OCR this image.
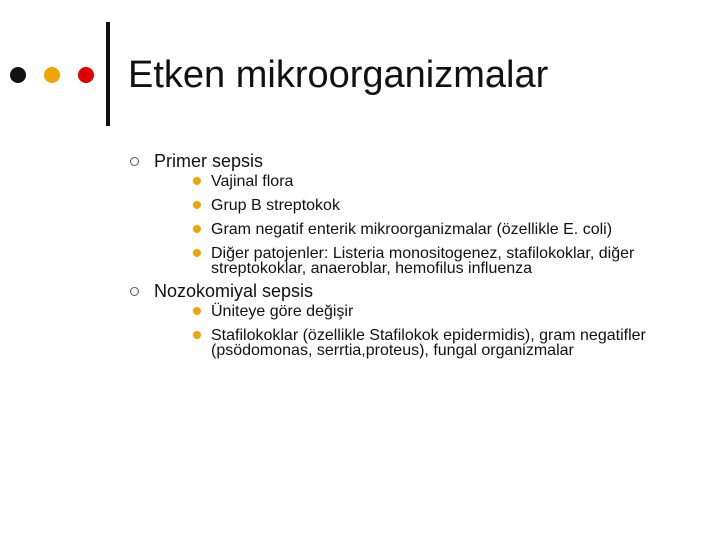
Etken mikroorganizmalar
Primer sepsis
Vajinal flora
Grup B streptokok
Gram negatif enterik mikroorganizmalar (özellikle E. coli)
Diğer patojenler: Listeria monositogenez, stafilokoklar, diğer streptokoklar, anaeroblar, hemofilus influenza
Nozokomiyal sepsis
Üniteye göre değişir
Stafilokoklar (özellikle Stafilokok epidermidis), gram negatifler (psödomonas, serrtia,proteus), fungal organizmalar
